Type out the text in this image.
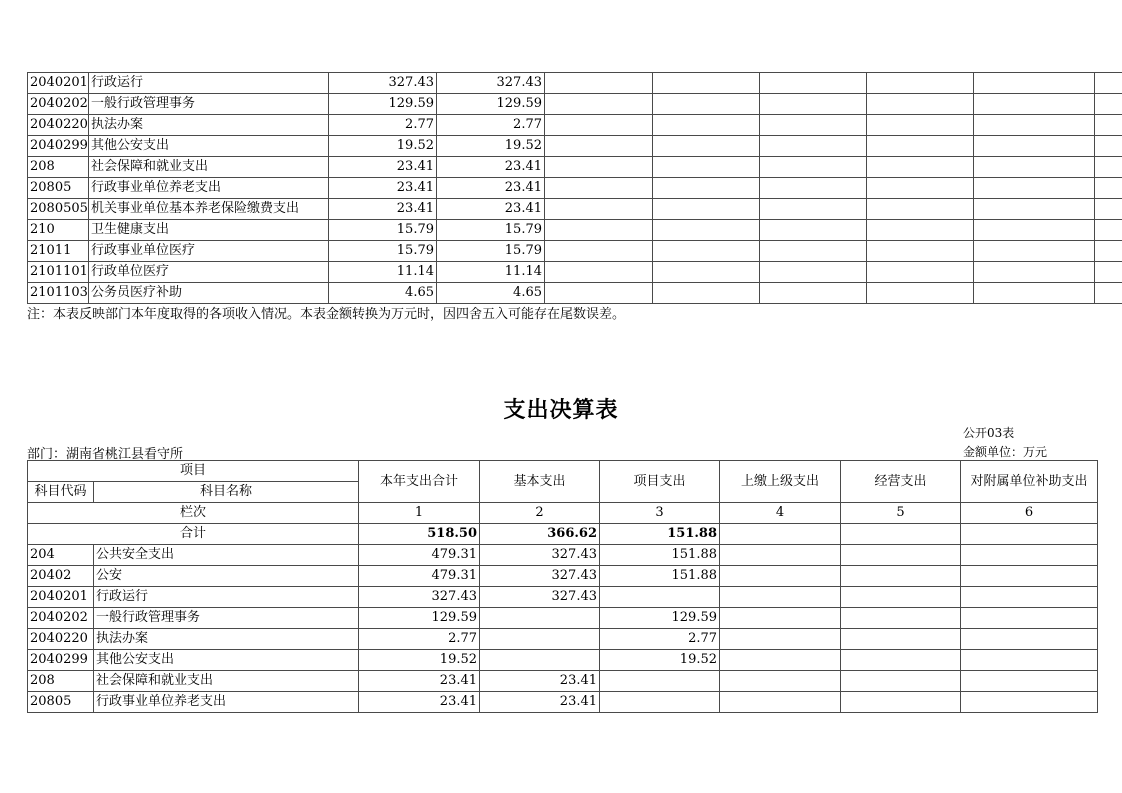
2040201	行政运行	327.43	327.43						
2040202	一般行政管理事务	129.59	129.59						
2040220	执法办案	2.77	2.77						
2040299	其他公安支出	19.52	19.52						
208	社会保障和就业支出	23.41	23.41						
20805	行政事业单位养老支出	23.41	23.41						
2080505	机关事业单位基本养老保险缴费支出	23.41	23.41						
210	卫生健康支出	15.79	15.79						
21011	行政事业单位医疗	15.79	15.79						
2101101	行政单位医疗	11.14	11.14						
2101103	公务员医疗补助	4.65	4.65						
注：本表反映部门本年度取得的各项收入情况。本表金额转换为万元时，因四舍五入可能存在尾数误差。
支出决算表
公开03表
金额单位：万元
部门：湖南省桃江县看守所
项目		本年支出合计	基本支出	项目支出	上缴上级支出	经营支出	对附属单位补助支出
科目代码	科目名称						
栏次		1	2	3	4	5	6
合计		518.50	366.62	151.88			
204	公共安全支出	479.31	327.43	151.88			
20402	公安	479.31	327.43	151.88			
2040201	行政运行	327.43	327.43				
2040202	一般行政管理事务	129.59		129.59			
2040220	执法办案	2.77		2.77			
2040299	其他公安支出	19.52		19.52			
208	社会保障和就业支出	23.41	23.41				
20805	行政事业单位养老支出	23.41	23.41				
